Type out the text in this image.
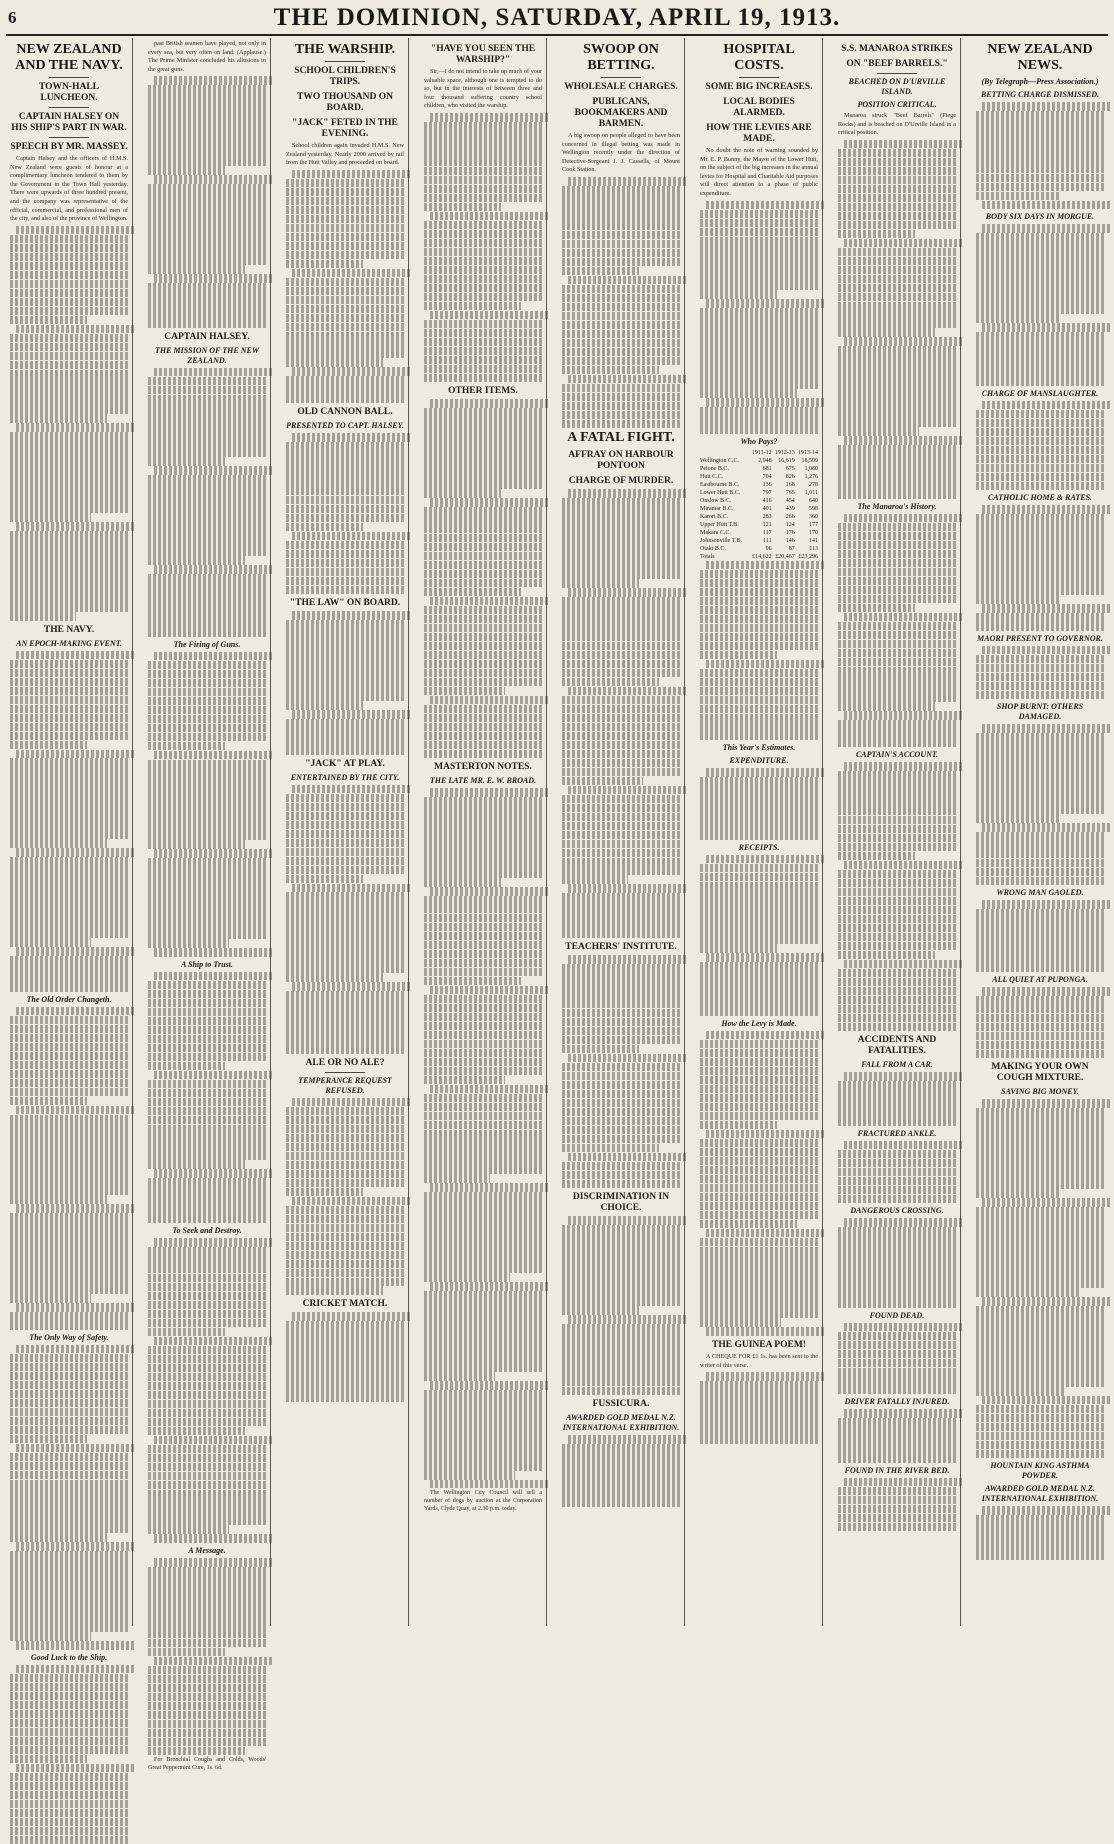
6	THE DOMINION, SATURDAY, APRIL 19, 1913.
NEW ZEALAND AND THE NAVY.
TOWN-HALL LUNCHEON.
CAPTAIN HALSEY ON HIS SHIP'S PART IN WAR.
SPEECH BY MR. MASSEY.

Captain Halsey and the officers of H.M.S. New Zealand were guests of honour at a complimentary luncheon tendered to them by the Government in the Town Hall yesterday. There were upwards of three hundred present, and the company was representative of the official, commercial, and professional men of the city, and also of the province of Wellington.

THE NAVY.
AN EPOCH-MAKING EVENT.
The Old Order Changeth.
The Only Way of Safety.
Good Luck to the Ship.

past British seamen have played, not only in every sea, but very often on land. (Applause.) The Prime Minister concluded his allusions to the great guns.

CAPTAIN HALSEY.
THE MISSION OF THE NEW ZEALAND.
The Firing of Guns.
A Ship to Trust.
To Seek and Destroy.
A Message.

For Bronchial Coughs and Colds, Woods' Great Peppermint Cure, 1s. 6d.

THE WARSHIP.
SCHOOL CHILDREN'S TRIPS.
TWO THOUSAND ON BOARD.
"JACK" FETED IN THE EVENING.

School children again invaded H.M.S. New Zealand yesterday. Nearly 2000 arrived by rail from the Hutt Valley and proceeded on board.

OLD CANNON BALL.
PRESENTED TO CAPT. HALSEY.
"THE LAW" ON BOARD.
"JACK" AT PLAY.
ENTERTAINED BY THE CITY.
ALE OR NO ALE?
TEMPERANCE REQUEST REFUSED.
CRICKET MATCH.
"HAVE YOU SEEN THE WARSHIP?"

Sir,—I do not intend to take up much of your valuable space, although one is tempted to do so, but in the interests of between three and four thousand suffering country school children, who visited the warship.

OTHER ITEMS.
MASTERTON NOTES.
THE LATE MR. E. W. BROAD.

The Wellington City Council will sell a number of dogs by auction at the Corporation Yards, Clyde Quay, at 2.30 p.m. today.

SWOOP ON BETTING.
WHOLESALE CHARGES.
PUBLICANS, BOOKMAKERS AND BARMEN.

A big swoop on people alleged to have been concerned in illegal betting was made in Wellington recently under the direction of Detective-Sergeant J. J. Cassells, of Mount Cook Station.

A FATAL FIGHT.
AFFRAY ON HARBOUR PONTOON
CHARGE OF MURDER.
TEACHERS' INSTITUTE.
DISCRIMINATION IN CHOICE.
FUSSICURA.
AWARDED GOLD MEDAL N.Z. INTERNATIONAL EXHIBITION.
HOSPITAL COSTS.
SOME BIG INCREASES.
LOCAL BODIES ALARMED.
HOW THE LEVIES ARE MADE.

No doubt the note of warning sounded by Mr. E. P. Bunny, the Mayor of the Lower Hutt, on the subject of the big increases in the annual levies for Hospital and Charitable Aid purposes will direct attention to a phase of public expenditure.

Who Pays?
	1911-12	1912-13	1913-14
Wellington C.C.	2,948	16,619	18,509
Petone B.C.	681	675	1,080
Hutt C.C.	704	826	1,276
Eastbourne B.C.	136	168	278
Lower Hutt B.C.	797	765	1,011
Onslow B.C.	416	454	640
Miramar B.C.	401	439	598
Karori B.C.	283	266	360
Upper Hutt T.B.	121	124	177
Makara C.C.	117	176	170
Johnsonville T.B.	111	146	141
Otaki B.C.	96	87	113
Totals	£14,622	£20,467	£23,296
This Year's Estimates.
EXPENDITURE.
RECEIPTS.
How the Levy is Made.
THE GUINEA POEM!

A CHEQUE FOR £1 1s. has been sent to the writer of this verse.

S.S. MANAROA STRIKES
ON "BEEF BARRELS."
BEACHED ON D'URVILLE ISLAND.
POSITION CRITICAL.

Manaroa struck "Beef Barrels" (Piege Rocks) and is beached on D'Urville Island in a critical position.

The Manaroa's History.
CAPTAIN'S ACCOUNT.
ACCIDENTS AND FATALITIES.
FALL FROM A CAR.
FRACTURED ANKLE.
DANGEROUS CROSSING.
FOUND DEAD.
DRIVER FATALLY INJURED.
FOUND IN THE RIVER BED.
NEW ZEALAND NEWS.
(By Telegraph—Press Association.)
BETTING CHARGE DISMISSED.
BODY SIX DAYS IN MORGUE.
CHARGE OF MANSLAUGHTER.
CATHOLIC HOME & RATES.
MAORI PRESENT TO GOVERNOR.
SHOP BURNT: OTHERS DAMAGED.
WRONG MAN GAOLED.
ALL QUIET AT PUPONGA.
MAKING YOUR OWN COUGH MIXTURE.
SAVING BIG MONEY.
HOUNTAIN KING ASTHMA POWDER.
AWARDED GOLD MEDAL N.Z. INTERNATIONAL EXHIBITION.
